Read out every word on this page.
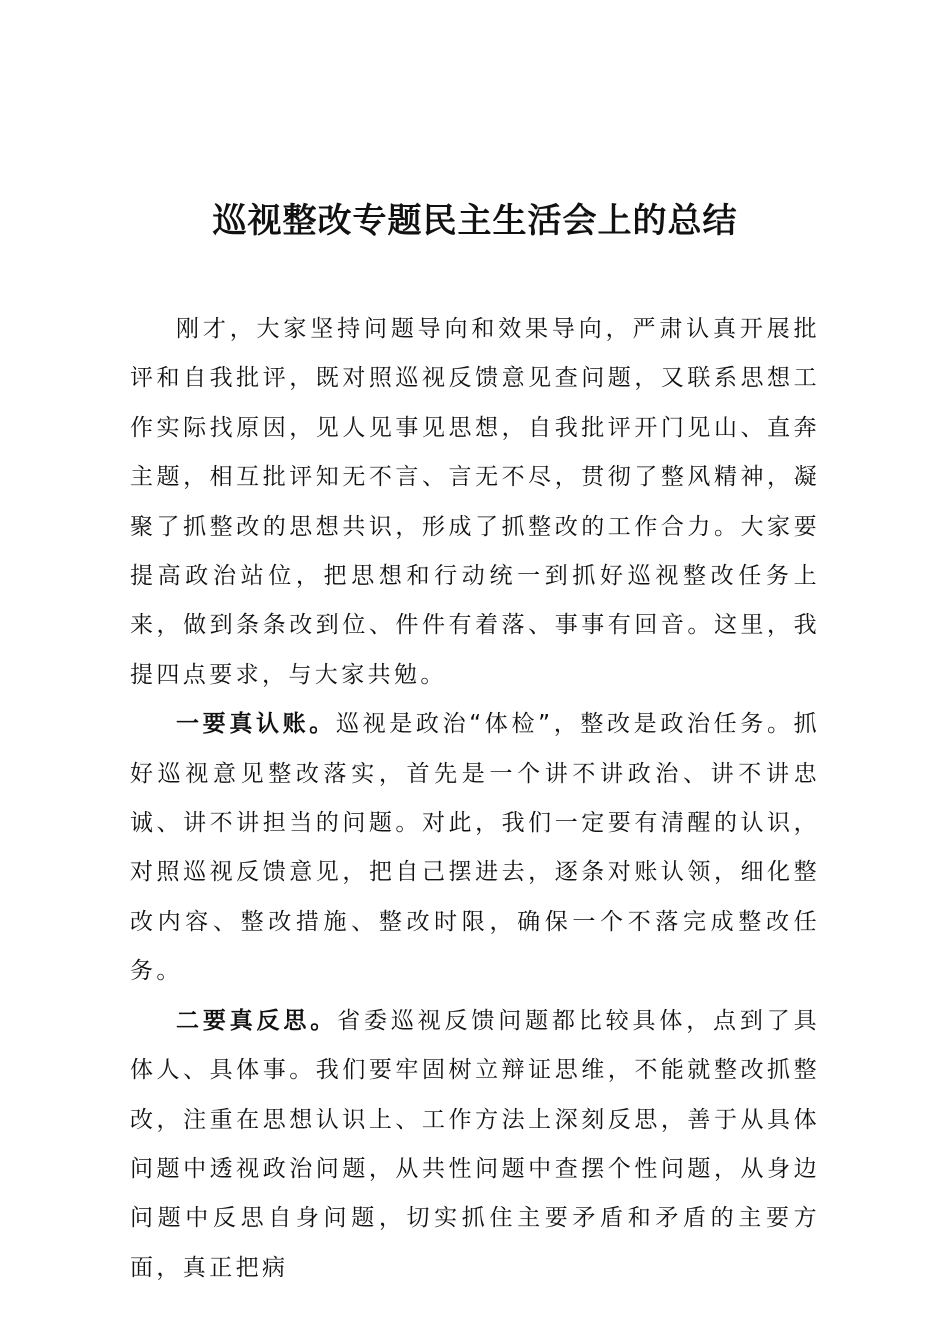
巡视整改专题民主生活会上的总结

刚才，大家坚持问题导向和效果导向，严肃认真开展批评和自我批评，既对照巡视反馈意见查问题，又联系思想工作实际找原因，见人见事见思想，自我批评开门见山、直奔主题，相互批评知无不言、言无不尽，贯彻了整风精神，凝聚了抓整改的思想共识，形成了抓整改的工作合力。大家要提高政治站位，把思想和行动统一到抓好巡视整改任务上来，做到条条改到位、件件有着落、事事有回音。这里，我提四点要求，与大家共勉。

一要真认账。巡视是政治“体检”，整改是政治任务。抓好巡视意见整改落实，首先是一个讲不讲政治、讲不讲忠诚、讲不讲担当的问题。对此，我们一定要有清醒的认识，对照巡视反馈意见，把自己摆进去，逐条对账认领，细化整改内容、整改措施、整改时限，确保一个不落完成整改任务。

二要真反思。省委巡视反馈问题都比较具体，点到了具体人、具体事。我们要牢固树立辩证思维，不能就整改抓整改，注重在思想认识上、工作方法上深刻反思，善于从具体问题中透视政治问题，从共性问题中查摆个性问题，从身边问题中反思自身问题，切实抓住主要矛盾和矛盾的主要方面，真正把病
